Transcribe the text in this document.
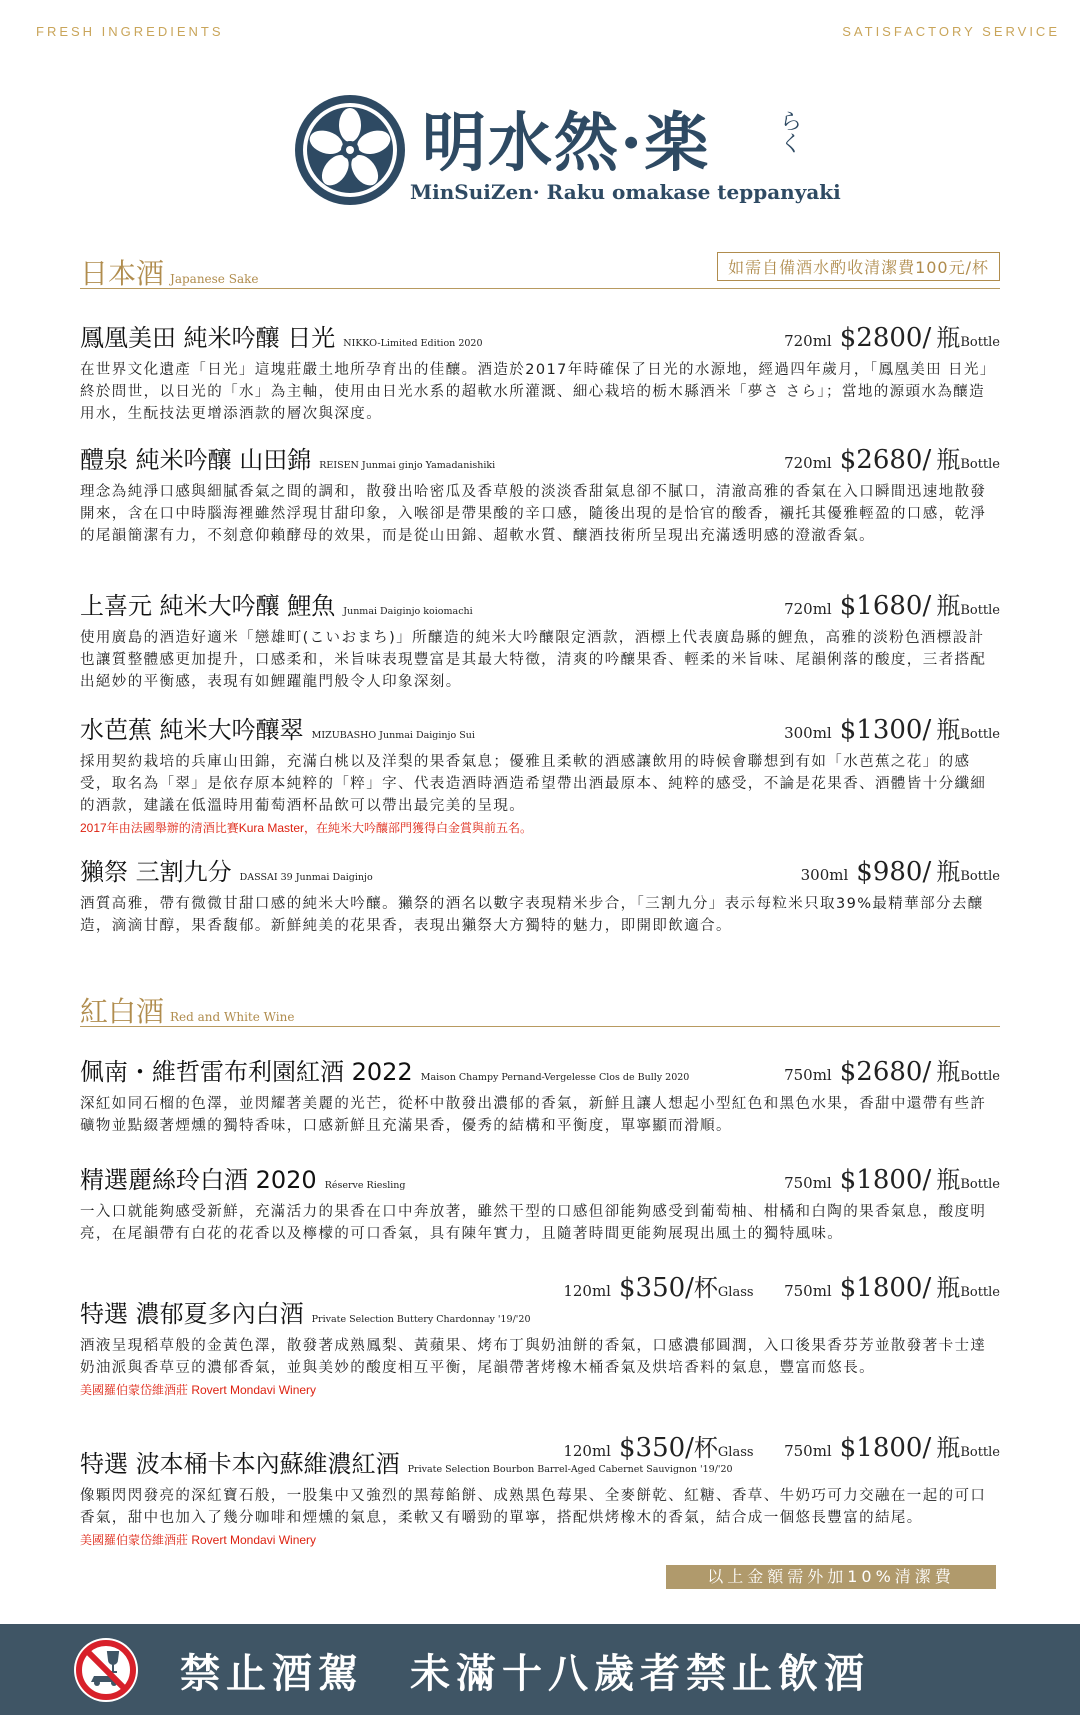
FRESH INGREDIENTS	SATISFACTORY SERVICE
明水然·楽	らく
MinSuiZen· Raku omakase teppanyaki
日本酒 Japanese Sake
如需自備酒水酌收清潔費100元/杯
鳳凰美田 純米吟釀 日光 NIKKO-Limited Edition 2020	720ml $2800/ 瓶Bottle
在世界文化遺產「日光」這塊莊嚴土地所孕育出的佳釀。酒造於2017年時確保了日光的水源地，經過四年歲月，「鳳凰美田 日光」終於問世，以日光的「水」為主軸，使用由日光水系的超軟水所灌溉、細心栽培的栃木縣酒米「夢さ さら」；當地的源頭水為釀造用水，生酛技法更增添酒款的層次與深度。
醴泉 純米吟釀 山田錦 REISEN Junmai ginjo Yamadanishiki	720ml $2680/ 瓶Bottle
理念為純淨口感與細膩香氣之間的調和，散發出哈密瓜及香草般的淡淡香甜氣息卻不膩口，清澈高雅的香氣在入口瞬間迅速地散發開來，含在口中時腦海裡雖然浮現甘甜印象，入喉卻是帶果酸的辛口感，隨後出現的是恰官的酸香，襯托其優雅輕盈的口感，乾淨的尾韻簡潔有力，不刻意仰賴酵母的效果，而是從山田錦、超軟水質、釀酒技術所呈現出充滿透明感的澄澈香氣。
上喜元 純米大吟釀 鯉魚 Junmai Daiginjo koiomachi	720ml $1680/ 瓶Bottle
使用廣島的酒造好適米「戀雄町(こいおまち)」所釀造的純米大吟釀限定酒款，酒標上代表廣島縣的鯉魚，高雅的淡粉色酒標設計也讓質整體感更加提升，口感柔和，米旨味表現豐富是其最大特徵，清爽的吟釀果香、輕柔的米旨味、尾韻俐落的酸度，三者搭配出絕妙的平衡感，表現有如鯉躍龍門般令人印象深刻。
水芭蕉 純米大吟釀翠 MIZUBASHO Junmai Daiginjo Sui	300ml $1300/ 瓶Bottle
採用契約栽培的兵庫山田錦，充滿白桃以及洋梨的果香氣息；優雅且柔軟的酒感讓飲用的時候會聯想到有如「水芭蕉之花」的感受，取名為「翠」是依存原本純粹的「粹」字、代表造酒時酒造希望帶出酒最原本、純粹的感受，不論是花果香、酒體皆十分纖細的酒款，建議在低溫時用葡萄酒杯品飲可以帶出最完美的呈現。
2017年由法國舉辦的清酒比賽Kura Master，在純米大吟釀部門獲得白金賞與前五名。
獺祭 三割九分 DASSAI 39 Junmai Daiginjo	300ml $980/ 瓶Bottle
酒質高雅，帶有微微甘甜口感的純米大吟釀。獺祭的酒名以數字表現精米步合，「三割九分」表示每粒米只取39%最精華部分去釀造，滴滴甘醇，果香馥郁。新鮮純美的花果香，表現出獺祭大方獨特的魅力，即開即飲適合。
紅白酒 Red and White Wine
佩南・維哲雷布利園紅酒 2022 Maison Champy Pernand-Vergelesse Clos de Bully 2020	750ml $2680/ 瓶Bottle
深紅如同石榴的色澤，並閃耀著美麗的光芒，從杯中散發出濃郁的香氣，新鮮且讓人想起小型紅色和黑色水果，香甜中還帶有些許礦物並點綴著煙燻的獨特香味，口感新鮮且充滿果香，優秀的結構和平衡度，單寧顯而滑順。
精選麗絲玲白酒 2020 Réserve Riesling	750ml $1800/ 瓶Bottle
一入口就能夠感受新鮮，充滿活力的果香在口中奔放著，雖然干型的口感但卻能夠感受到葡萄柚、柑橘和白陶的果香氣息，酸度明亮，在尾韻帶有白花的花香以及檸檬的可口香氣，具有陳年實力，且隨著時間更能夠展現出風土的獨特風味。
120ml $350/杯Glass 750ml $1800/ 瓶Bottle
特選 濃郁夏多內白酒 Private Selection Buttery Chardonnay '19/'20
酒液呈現稻草般的金黃色澤，散發著成熟鳳梨、黃蘋果、烤布丁與奶油餅的香氣，口感濃郁圓潤，入口後果香芬芳並散發著卡士達奶油派與香草豆的濃郁香氣，並與美妙的酸度相互平衡，尾韻帶著烤橡木桶香氣及烘培香料的氣息，豐富而悠長。
美國羅伯蒙岱維酒莊 Rovert Mondavi Winery
120ml $350/杯Glass 750ml $1800/ 瓶Bottle
特選 波本桶卡本內蘇維濃紅酒 Private Selection Bourbon Barrel-Aged Cabernet Sauvignon '19/'20
像顆閃閃發亮的深紅寶石般，一股集中又強烈的黑莓餡餅、成熟黑色莓果、全麥餅乾、紅糖、香草、牛奶巧可力交融在一起的可口香氣，甜中也加入了幾分咖啡和煙燻的氣息，柔軟又有嚼勁的單寧，搭配烘烤橡木的香氣，結合成一個悠長豐富的結尾。
美國羅伯蒙岱維酒莊 Rovert Mondavi Winery
以上金額需外加10%清潔費
禁止酒駕　未滿十八歲者禁止飲酒
